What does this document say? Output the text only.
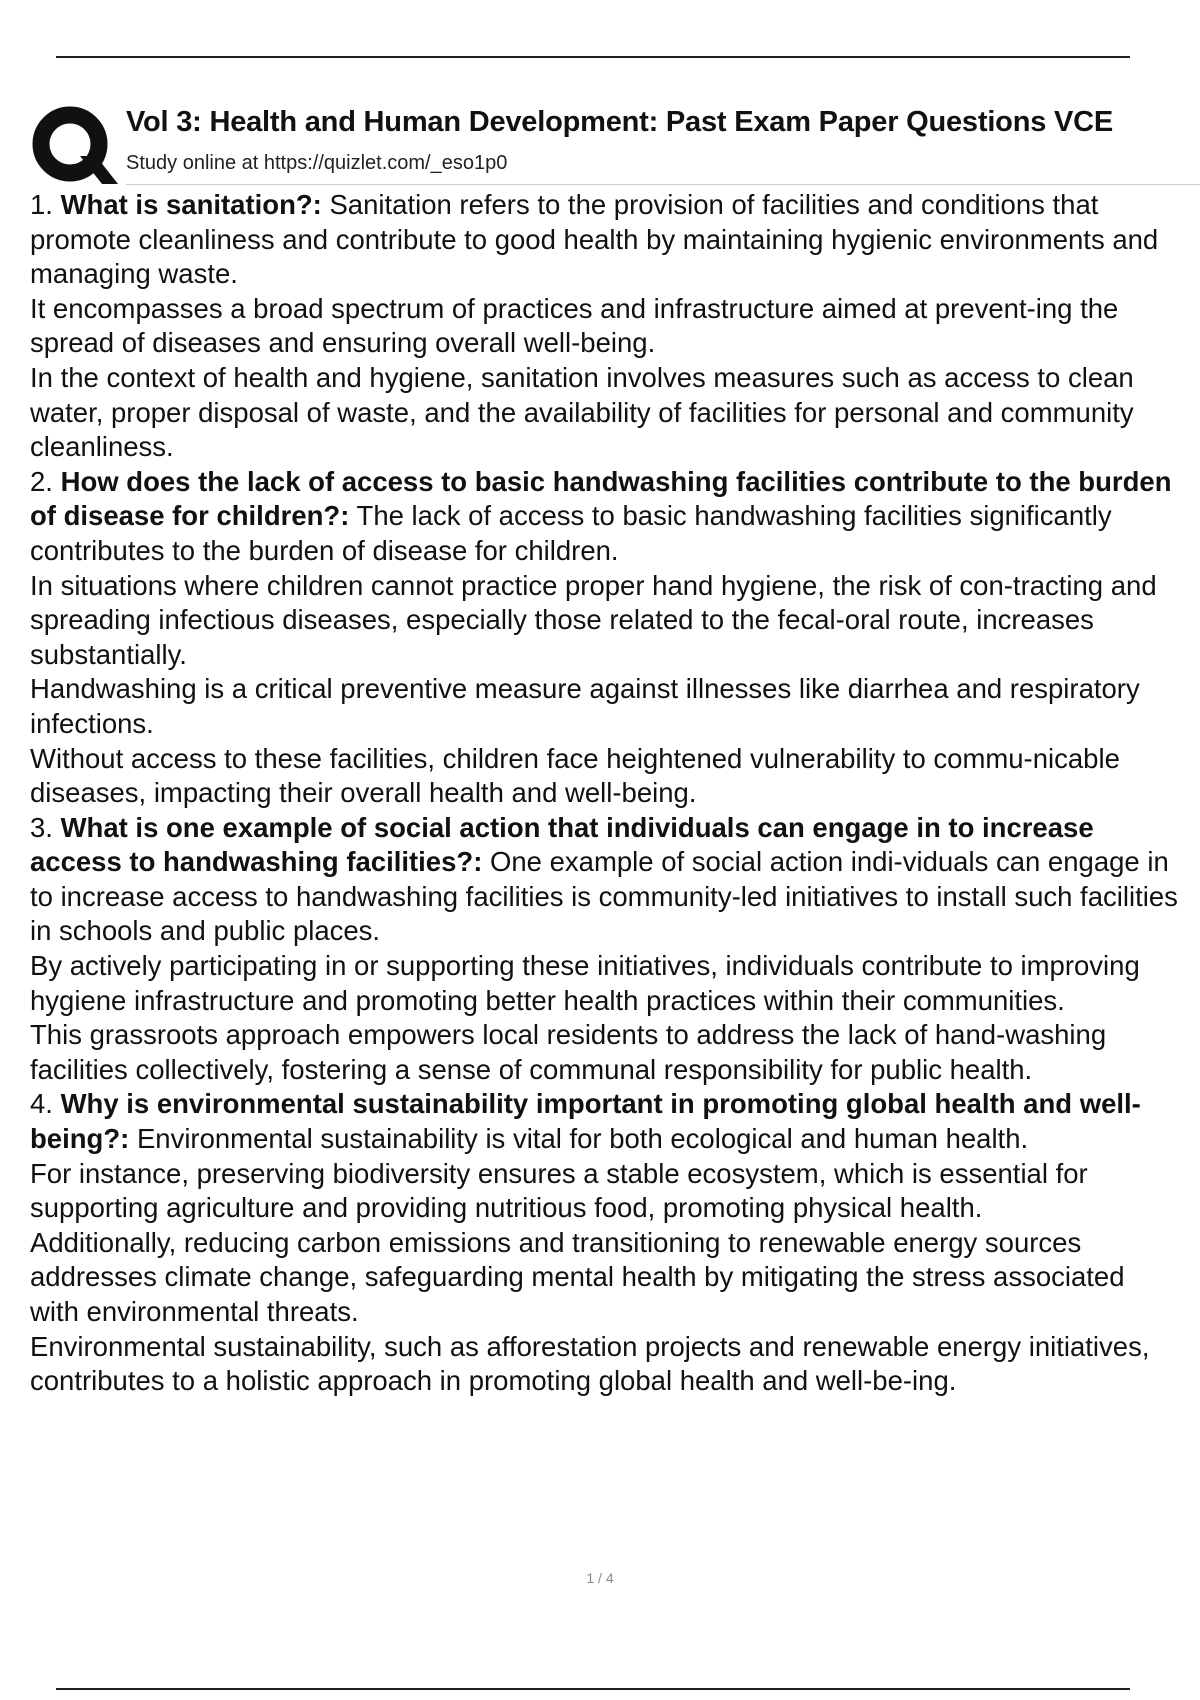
Vol 3: Health and Human Development: Past Exam Paper Questions VCE
Study online at https://quizlet.com/_eso1p0

1. What is sanitation?: Sanitation refers to the provision of facilities and conditions that promote cleanliness and contribute to good health by maintaining hygienic environments and managing waste.

It encompasses a broad spectrum of practices and infrastructure aimed at prevent-ing the spread of diseases and ensuring overall well-being.

In the context of health and hygiene, sanitation involves measures such as access to clean water, proper disposal of waste, and the availability of facilities for personal and community cleanliness.

2. How does the lack of access to basic handwashing facilities contribute to the burden of disease for children?: The lack of access to basic handwashing facilities significantly contributes to the burden of disease for children.

In situations where children cannot practice proper hand hygiene, the risk of con-tracting and spreading infectious diseases, especially those related to the fecal-oral route, increases substantially.

Handwashing is a critical preventive measure against illnesses like diarrhea and respiratory infections.

Without access to these facilities, children face heightened vulnerability to commu-nicable diseases, impacting their overall health and well-being.

3. What is one example of social action that individuals can engage in to increase access to handwashing facilities?: One example of social action indi-viduals can engage in to increase access to handwashing facilities is community-led initiatives to install such facilities in schools and public places.

By actively participating in or supporting these initiatives, individuals contribute to improving hygiene infrastructure and promoting better health practices within their communities.

This grassroots approach empowers local residents to address the lack of hand-washing facilities collectively, fostering a sense of communal responsibility for public health.

4. Why is environmental sustainability important in promoting global health and well-being?: Environmental sustainability is vital for both ecological and human health.

For instance, preserving biodiversity ensures a stable ecosystem, which is essential for supporting agriculture and providing nutritious food, promoting physical health.

Additionally, reducing carbon emissions and transitioning to renewable energy sources addresses climate change, safeguarding mental health by mitigating the stress associated with environmental threats.

Environmental sustainability, such as afforestation projects and renewable energy initiatives, contributes to a holistic approach in promoting global health and well-be-ing.

1 / 4
